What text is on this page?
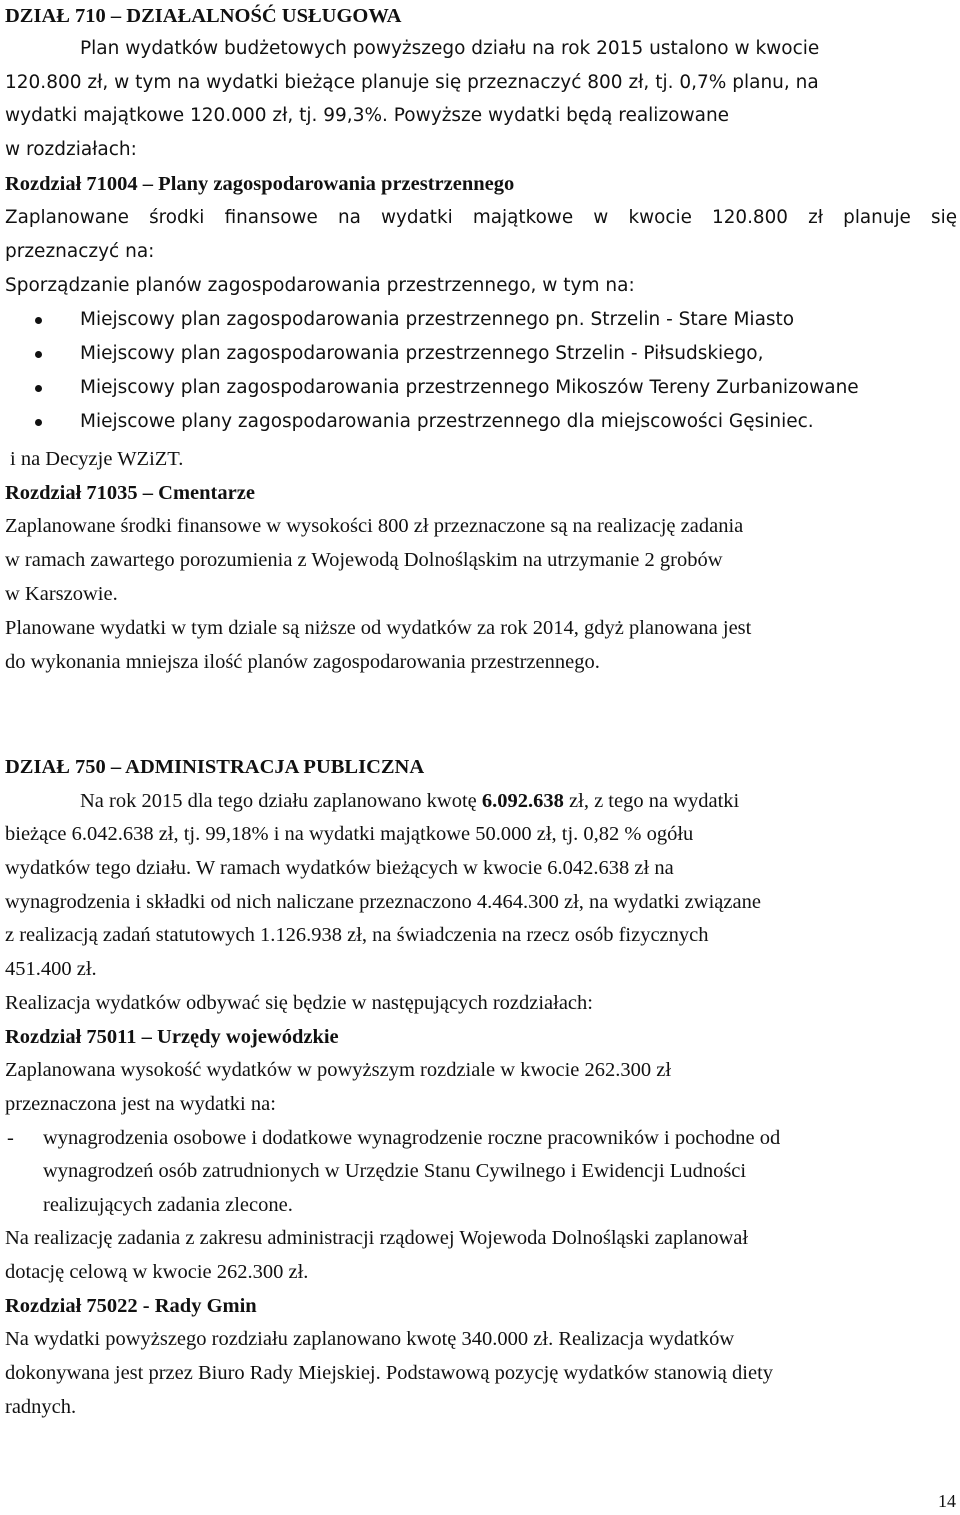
DZIAŁ 710 – DZIAŁALNOŚĆ USŁUGOWA
Plan wydatków budżetowych powyższego działu na rok 2015 ustalono w kwocie
120.800 zł, w tym na wydatki bieżące planuje się przeznaczyć 800 zł, tj. 0,7% planu, na
wydatki majątkowe 120.000 zł, tj. 99,3%. Powyższe wydatki będą realizowane
w rozdziałach:
Rozdział 71004 – Plany zagospodarowania przestrzennego
Zaplanowane środki finansowe na wydatki majątkowe w kwocie 120.800 zł planuje się
przeznaczyć na:
Sporządzanie planów zagospodarowania przestrzennego, w tym na:
Miejscowy plan zagospodarowania przestrzennego pn. Strzelin - Stare Miasto
Miejscowy plan zagospodarowania przestrzennego Strzelin - Piłsudskiego,
Miejscowy plan zagospodarowania przestrzennego Mikoszów Tereny Zurbanizowane
Miejscowe plany zagospodarowania przestrzennego dla miejscowości Gęsiniec.
i na Decyzje WZiZT.
Rozdział 71035 – Cmentarze
Zaplanowane środki finansowe w wysokości 800 zł przeznaczone są na realizację zadania
w ramach zawartego porozumienia z Wojewodą Dolnośląskim na utrzymanie 2 grobów
w Karszowie.
Planowane wydatki w tym dziale są niższe od wydatków za rok 2014, gdyż planowana jest
do wykonania mniejsza ilość planów zagospodarowania przestrzennego.
DZIAŁ 750 – ADMINISTRACJA PUBLICZNA
Na rok 2015 dla tego działu zaplanowano kwotę 6.092.638 zł, z tego na wydatki
bieżące 6.042.638 zł, tj. 99,18% i na wydatki majątkowe 50.000 zł, tj. 0,82 % ogółu
wydatków tego działu. W ramach wydatków bieżących w kwocie 6.042.638 zł na
wynagrodzenia i składki od nich naliczane przeznaczono 4.464.300 zł, na wydatki związane
z realizacją zadań statutowych 1.126.938 zł, na świadczenia na rzecz osób fizycznych
451.400 zł.
Realizacja wydatków odbywać się będzie w następujących rozdziałach:
Rozdział 75011 – Urzędy wojewódzkie
Zaplanowana wysokość wydatków w powyższym rozdziale w kwocie 262.300 zł
przeznaczona jest na wydatki na:
- wynagrodzenia osobowe i dodatkowe wynagrodzenie roczne pracowników i pochodne od
wynagrodzeń osób zatrudnionych w Urzędzie Stanu Cywilnego i Ewidencji Ludności
realizujących zadania zlecone.
Na realizację zadania z zakresu administracji rządowej Wojewoda Dolnośląski zaplanował
dotację celową w kwocie 262.300 zł.
Rozdział 75022 - Rady Gmin
Na wydatki powyższego rozdziału zaplanowano kwotę 340.000 zł. Realizacja wydatków
dokonywana jest przez Biuro Rady Miejskiej. Podstawową pozycję wydatków stanowią diety
radnych.
14
